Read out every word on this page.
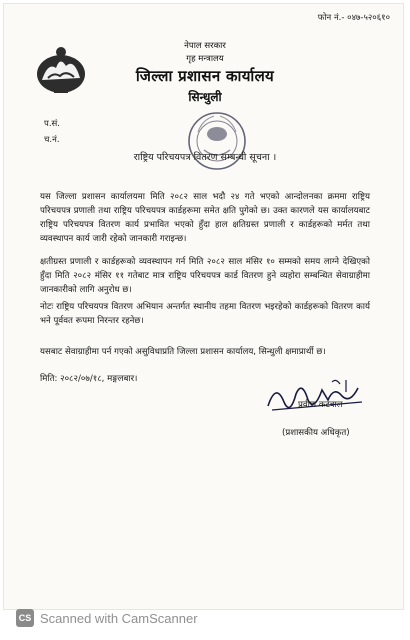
फोन नं.- ०४७-५२०६१०
नेपाल सरकार
गृह मन्त्रालय
जिल्ला प्रशासन कार्यालय
सिन्धुली
प.सं.
च.नं.
राष्ट्रिय परिचयपत्र वितरण सम्बन्धी सूचना ।
यस जिल्ला प्रशासन कार्यालयमा मिति २०८२ साल भदौ २४ गते भएको आन्दोलनका क्रममा राष्ट्रिय परिचयपत्र प्रणाली तथा राष्ट्रिय परिचयपत्र कार्डहरूमा समेत क्षति पुगेको छ। उक्त कारणले यस कार्यालयबाट राष्ट्रिय परिचयपत्र वितरण कार्य प्रभावित भएको हुँदा हाल क्षतिग्रस्त प्रणाली र कार्डहरूको मर्मत तथा व्यवस्थापन कार्य जारी रहेको जानकारी गराइन्छ।
क्षतीग्रस्त प्रणाली र कार्डहरूको व्यवस्थापन गर्न मिति २०८२ साल मंसिर १० सम्मको समय लाग्ने देखिएको हुँदा मिति २०८२ मंसिर ११ गतेबाट मात्र राष्ट्रिय परिचयपत्र कार्ड वितरण हुने व्यहोरा सम्बन्धित सेवाग्राहीमा जानकारीको लागि अनुरोध छ।
नोटः राष्ट्रिय परिचयपत्र वितरण अभियान अन्तर्गत स्थानीय तहमा वितरण भइरहेको कार्डहरूको वितरण कार्य भने पूर्ववत रूपमा निरन्तर रहनेछ।
यसबाट सेवाग्राहीमा पर्न गएको असुविधाप्रति जिल्ला प्रशासन कार्यालय, सिन्धुली क्षमाप्रार्थी छ।
मिति: २०८२/०७/१८, मङ्गलबार।
प्रवीण कटवाल
(प्रशासकीय अधिकृत)
CS Scanned with CamScanner
